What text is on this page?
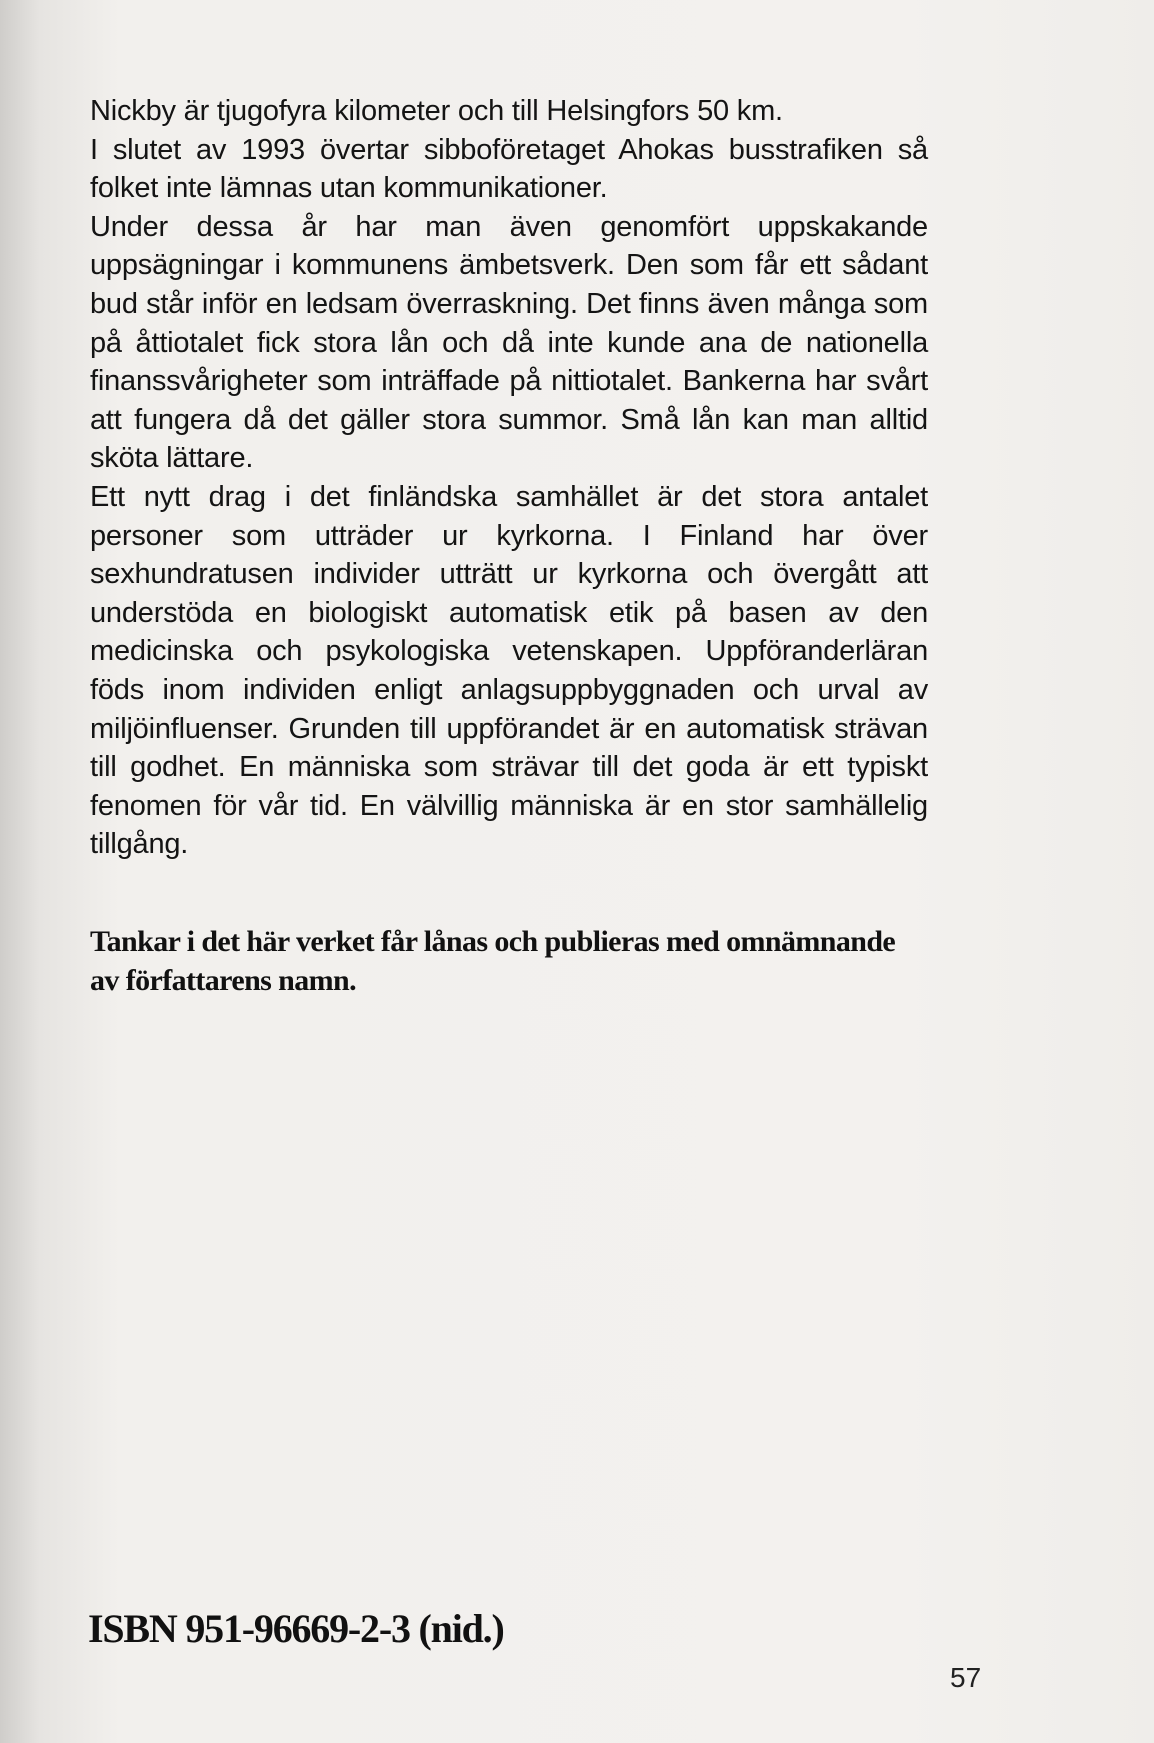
Nickby är tjugofyra kilometer och till Helsingfors 50 km.

I slutet av 1993 övertar sibboföretaget Ahokas busstrafiken så folket inte lämnas utan kommunikationer.

Under dessa år har man även genomfört uppskakande uppsägningar i kommunens ämbetsverk. Den som får ett sådant bud står inför en ledsam överraskning. Det finns även många som på åttiotalet fick stora lån och då inte kunde ana de nationella finanssvårigheter som inträffade på nittiotalet. Bankerna har svårt att fungera då det gäller stora summor. Små lån kan man alltid sköta lättare.

Ett nytt drag i det finländska samhället är det stora antalet personer som utträder ur kyrkorna. I Finland har över sexhundratusen individer utträtt ur kyrkorna och övergått att understöda en biologiskt automatisk etik på basen av den medicinska och psykologiska vetenskapen. Uppföranderläran föds inom individen enligt anlagsuppbyggnaden och urval av miljöinfluenser. Grunden till uppförandet är en automatisk strävan till godhet. En människa som strävar till det goda är ett typiskt fenomen för vår tid. En välvillig människa är en stor samhällelig tillgång.

Tankar i det här verket får lånas och publieras med omnämnande av författarens namn.

ISBN 951-96669-2-3 (nid.)
57
